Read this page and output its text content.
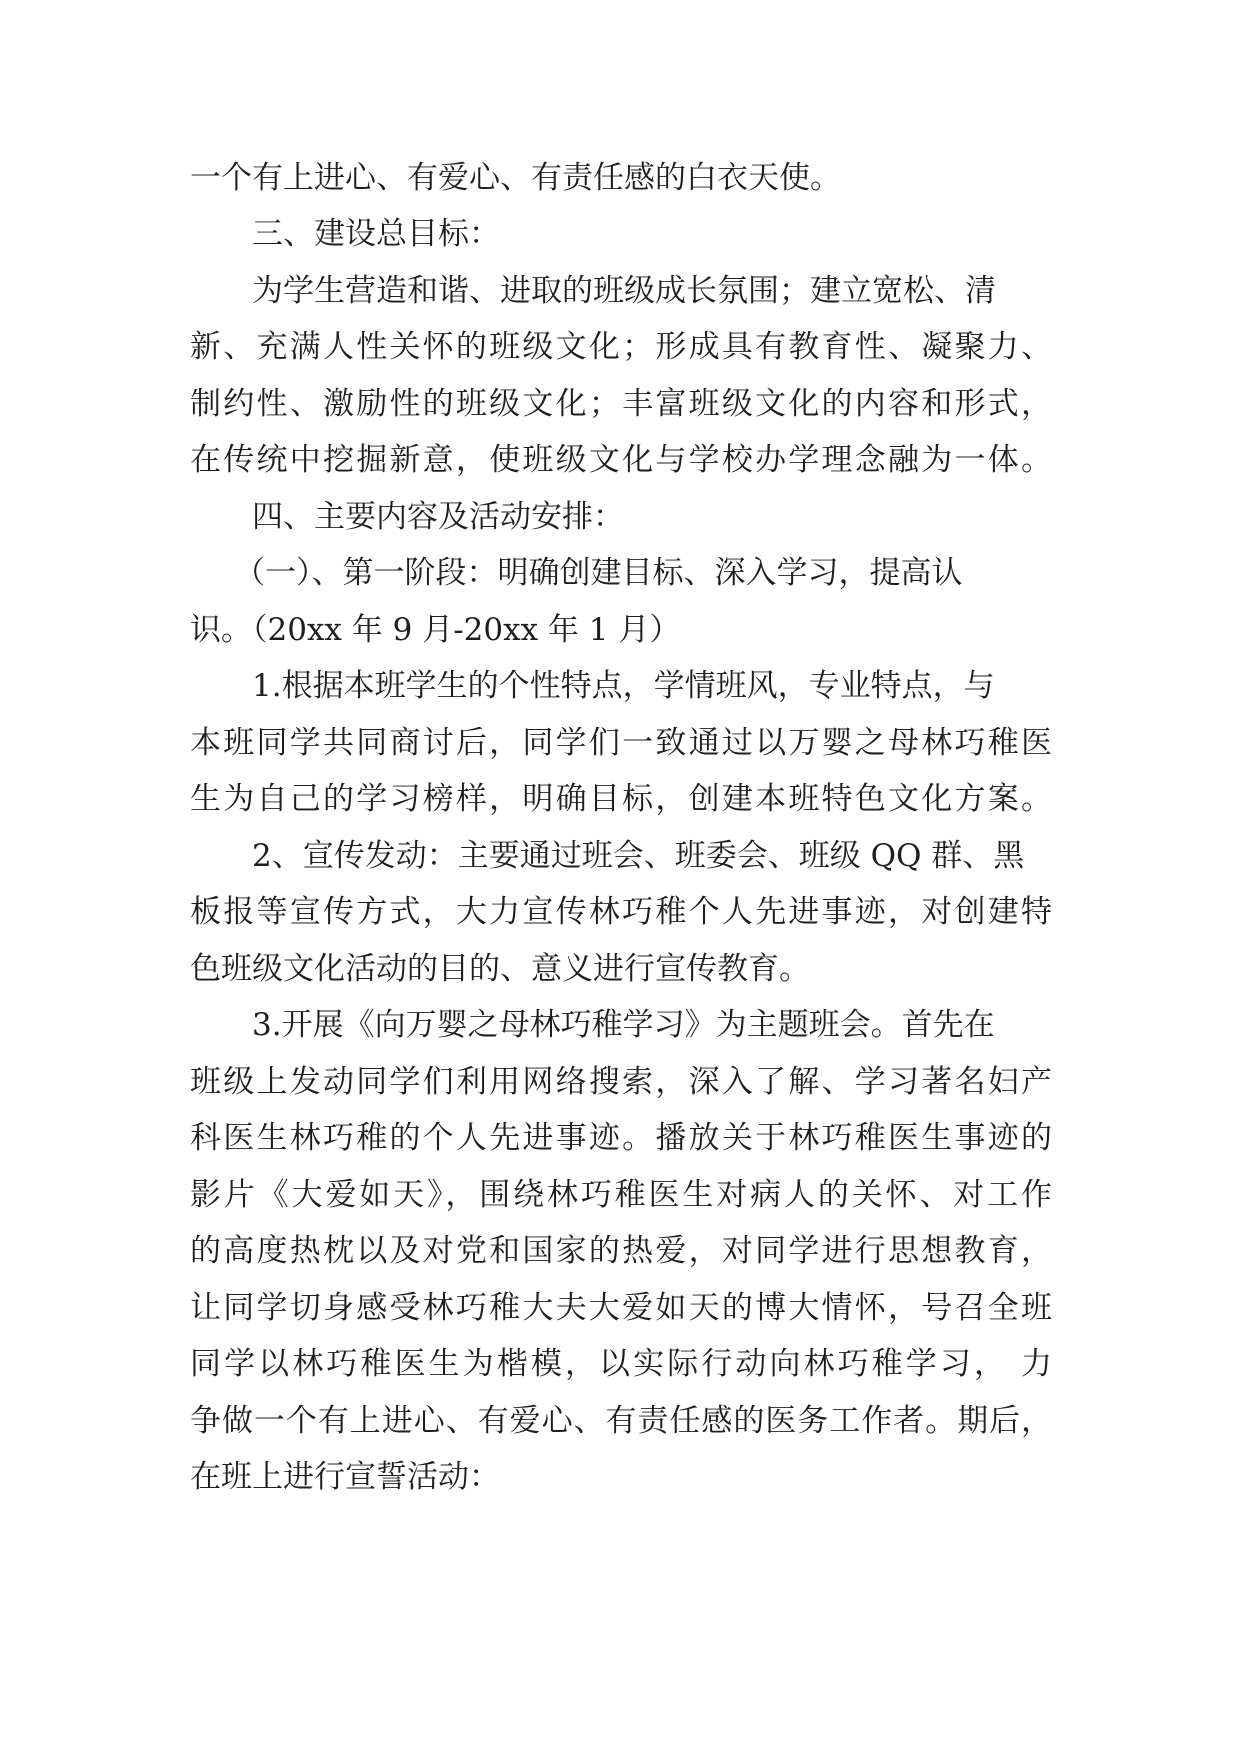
一个有上进心、有爱心、有责任感的白衣天使。
三、建设总目标：
为学生营造和谐、进取的班级成长氛围；建立宽松、清
新、充满人性关怀的班级文化；形成具有教育性、凝聚力、
制约性、激励性的班级文化；丰富班级文化的内容和形式，
在传统中挖掘新意，使班级文化与学校办学理念融为一体。
四、主要内容及活动安排：
（一）、第一阶段：明确创建目标、深入学习，提高认
识。（20xx 年 9 月-20xx 年 1 月）
1.根据本班学生的个性特点，学情班风，专业特点，与
本班同学共同商讨后，同学们一致通过以万婴之母林巧稚医
生为自己的学习榜样，明确目标，创建本班特色文化方案。
2、宣传发动：主要通过班会、班委会、班级 QQ 群、黑
板报等宣传方式，大力宣传林巧稚个人先进事迹，对创建特
色班级文化活动的目的、意义进行宣传教育。
3.开展《向万婴之母林巧稚学习》为主题班会。首先在
班级上发动同学们利用网络搜索，深入了解、学习著名妇产
科医生林巧稚的个人先进事迹。播放关于林巧稚医生事迹的
影片《大爱如天》，围绕林巧稚医生对病人的关怀、对工作
的高度热枕以及对党和国家的热爱，对同学进行思想教育，
让同学切身感受林巧稚大夫大爱如天的博大情怀，号召全班
同学以林巧稚医生为楷模，以实际行动向林巧稚学习， 力
争做一个有上进心、有爱心、有责任感的医务工作者。期后，
在班上进行宣誓活动：
